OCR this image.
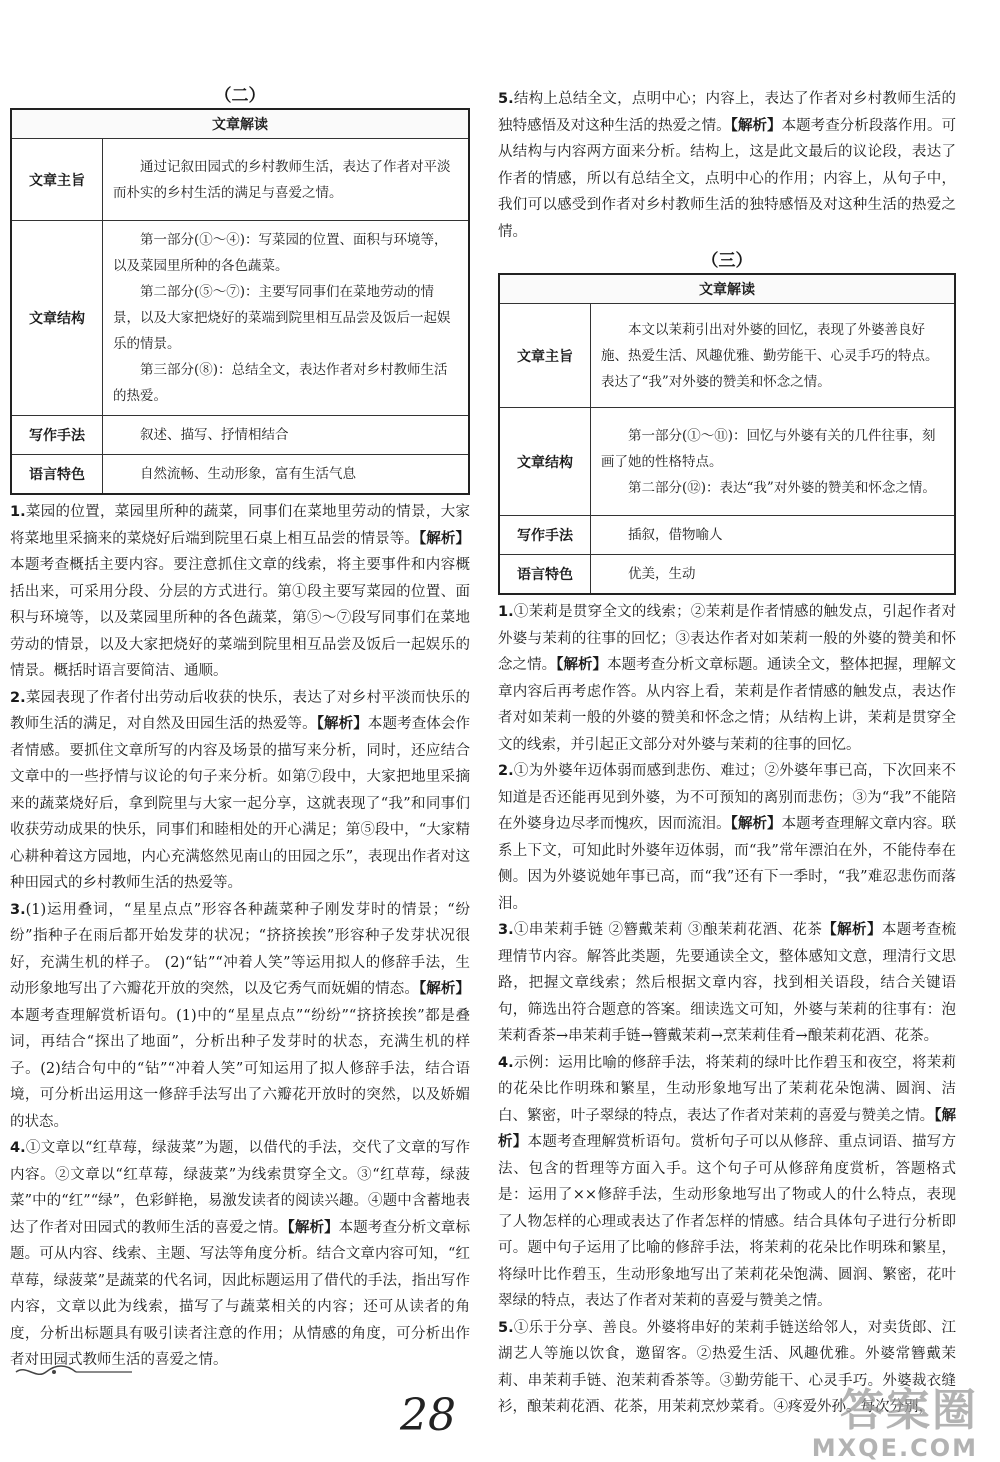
（二）
文章解读	
文章主旨	通过记叙田园式的乡村教师生活，表达了作者对平淡而朴实的乡村生活的满足与喜爱之情。

文章结构	第一部分(①～④)：写菜园的位置、面积与环境等，以及菜园里所种的各色蔬菜。

第二部分(⑤～⑦)：主要写同事们在菜地劳动的情景，以及大家把烧好的菜端到院里相互品尝及饭后一起娱乐的情景。

第三部分(⑧)：总结全文，表达作者对乡村教师生活的热爱。

写作手法	叙述、描写、抒情相结合

语言特色	自然流畅、生动形象，富有生活气息

1.菜园的位置，菜园里所种的蔬菜，同事们在菜地里劳动的情景，大家将菜地里采摘来的菜烧好后端到院里石桌上相互品尝的情景等。【解析】本题考查概括主要内容。要注意抓住文章的线索，将主要事件和内容概括出来，可采用分段、分层的方式进行。第①段主要写菜园的位置、面积与环境等，以及菜园里所种的各色蔬菜，第⑤～⑦段写同事们在菜地劳动的情景，以及大家把烧好的菜端到院里相互品尝及饭后一起娱乐的情景。概括时语言要简洁、通顺。

2.菜园表现了作者付出劳动后收获的快乐，表达了对乡村平淡而快乐的教师生活的满足，对自然及田园生活的热爱等。【解析】本题考查体会作者情感。要抓住文章所写的内容及场景的描写来分析，同时，还应结合文章中的一些抒情与议论的句子来分析。如第⑦段中，大家把地里采摘来的蔬菜烧好后，拿到院里与大家一起分享，这就表现了“我”和同事们收获劳动成果的快乐，同事们和睦相处的开心满足；第⑤段中，“大家精心耕种着这方园地，内心充满悠然见南山的田园之乐”，表现出作者对这种田园式的乡村教师生活的热爱等。

3.(1)运用叠词，“星星点点”形容各种蔬菜种子刚发芽时的情景；“纷纷”指种子在雨后都开始发芽的状况；“挤挤挨挨”形容种子发芽状况很好，充满生机的样子。 (2)“钻”“冲着人笑”等运用拟人的修辞手法，生动形象地写出了六瓣花开放的突然，以及它秀气而妩媚的情态。【解析】本题考查理解赏析语句。(1)中的“星星点点”“纷纷”“挤挤挨挨”都是叠词，再结合“探出了地面”，分析出种子发芽时的状态，充满生机的样子。(2)结合句中的“钻”“冲着人笑”可知运用了拟人修辞手法，结合语境，可分析出运用这一修辞手法写出了六瓣花开放时的突然，以及娇媚的状态。

4.①文章以“红草莓，绿菠菜”为题，以借代的手法，交代了文章的写作内容。②文章以“红草莓，绿菠菜”为线索贯穿全文。③“红草莓，绿菠菜”中的“红”“绿”，色彩鲜艳，易激发读者的阅读兴趣。④题中含蓄地表达了作者对田园式的教师生活的喜爱之情。【解析】本题考查分析文章标题。可从内容、线索、主题、写法等角度分析。结合文章内容可知，“红草莓，绿菠菜”是蔬菜的代名词，因此标题运用了借代的手法，指出写作内容，文章以此为线索，描写了与蔬菜相关的内容；还可从读者的角度，分析出标题具有吸引读者注意的作用；从情感的角度，可分析出作者对田园式教师生活的喜爱之情。

5.结构上总结全文，点明中心；内容上，表达了作者对乡村教师生活的独特感悟及对这种生活的热爱之情。【解析】本题考查分析段落作用。可从结构与内容两方面来分析。结构上，这是此文最后的议论段，表达了作者的情感，所以有总结全文，点明中心的作用；内容上，从句子中，我们可以感受到作者对乡村教师生活的独特感悟及对这种生活的热爱之情。

（三）
文章解读	
文章主旨	本文以茉莉引出对外婆的回忆，表现了外婆善良好施、热爱生活、风趣优雅、勤劳能干、心灵手巧的特点。表达了“我”对外婆的赞美和怀念之情。

文章结构	第一部分(①～⑪)：回忆与外婆有关的几件往事，刻画了她的性格特点。

第二部分(⑫)：表达“我”对外婆的赞美和怀念之情。

写作手法	插叙，借物喻人

语言特色	优美，生动

1.①茉莉是贯穿全文的线索；②茉莉是作者情感的触发点，引起作者对外婆与茉莉的往事的回忆；③表达作者对如茉莉一般的外婆的赞美和怀念之情。【解析】本题考查分析文章标题。通读全文，整体把握，理解文章内容后再考虑作答。从内容上看，茉莉是作者情感的触发点，表达作者对如茉莉一般的外婆的赞美和怀念之情；从结构上讲，茉莉是贯穿全文的线索，并引起正文部分对外婆与茉莉的往事的回忆。

2.①为外婆年迈体弱而感到悲伤、难过；②外婆年事已高，下次回来不知道是否还能再见到外婆，为不可预知的离别而悲伤；③为“我”不能陪在外婆身边尽孝而愧疚，因而流泪。【解析】本题考查理解文章内容。联系上下文，可知此时外婆年迈体弱，而“我”常年漂泊在外，不能侍奉在侧。因为外婆说她年事已高，而“我”还有下一季时，“我”难忍悲伤而落泪。

3.①串茉莉手链 ②簪戴茉莉 ③酿茉莉花酒、花茶【解析】本题考查梳理情节内容。解答此类题，先要通读全文，整体感知文意，理清行文思路，把握文章线索；然后根据文章内容，找到相关语段，结合关键语句，筛选出符合题意的答案。细读选文可知，外婆与茉莉的往事有：泡茉莉香茶→串茉莉手链→簪戴茉莉→烹茉莉佳肴→酿茉莉花酒、花茶。

4.示例：运用比喻的修辞手法，将茉莉的绿叶比作碧玉和夜空，将茉莉的花朵比作明珠和繁星，生动形象地写出了茉莉花朵饱满、圆润、洁白、繁密，叶子翠绿的特点，表达了作者对茉莉的喜爱与赞美之情。【解析】本题考查理解赏析语句。赏析句子可以从修辞、重点词语、描写方法、包含的哲理等方面入手。这个句子可从修辞角度赏析，答题格式是：运用了××修辞手法，生动形象地写出了物或人的什么特点，表现了人物怎样的心理或表达了作者怎样的情感。结合具体句子进行分析即可。题中句子运用了比喻的修辞手法，将茉莉的花朵比作明珠和繁星，将绿叶比作碧玉，生动形象地写出了茉莉花朵饱满、圆润、繁密，花叶翠绿的特点，表达了作者对茉莉的喜爱与赞美之情。

5.①乐于分享、善良。外婆将串好的茉莉手链送给邻人，对卖货郎、江湖艺人等施以饮食，邀留客。②热爱生活、风趣优雅。外婆常簪戴茉莉、串茉莉手链、泡茉莉香茶等。③勤劳能干、心灵手巧。外婆裁衣缝衫，酿茉莉花酒、花茶，用茉莉烹炒菜肴。④疼爱外孙。每次分别，

28	答案圈
MXQE.COM
